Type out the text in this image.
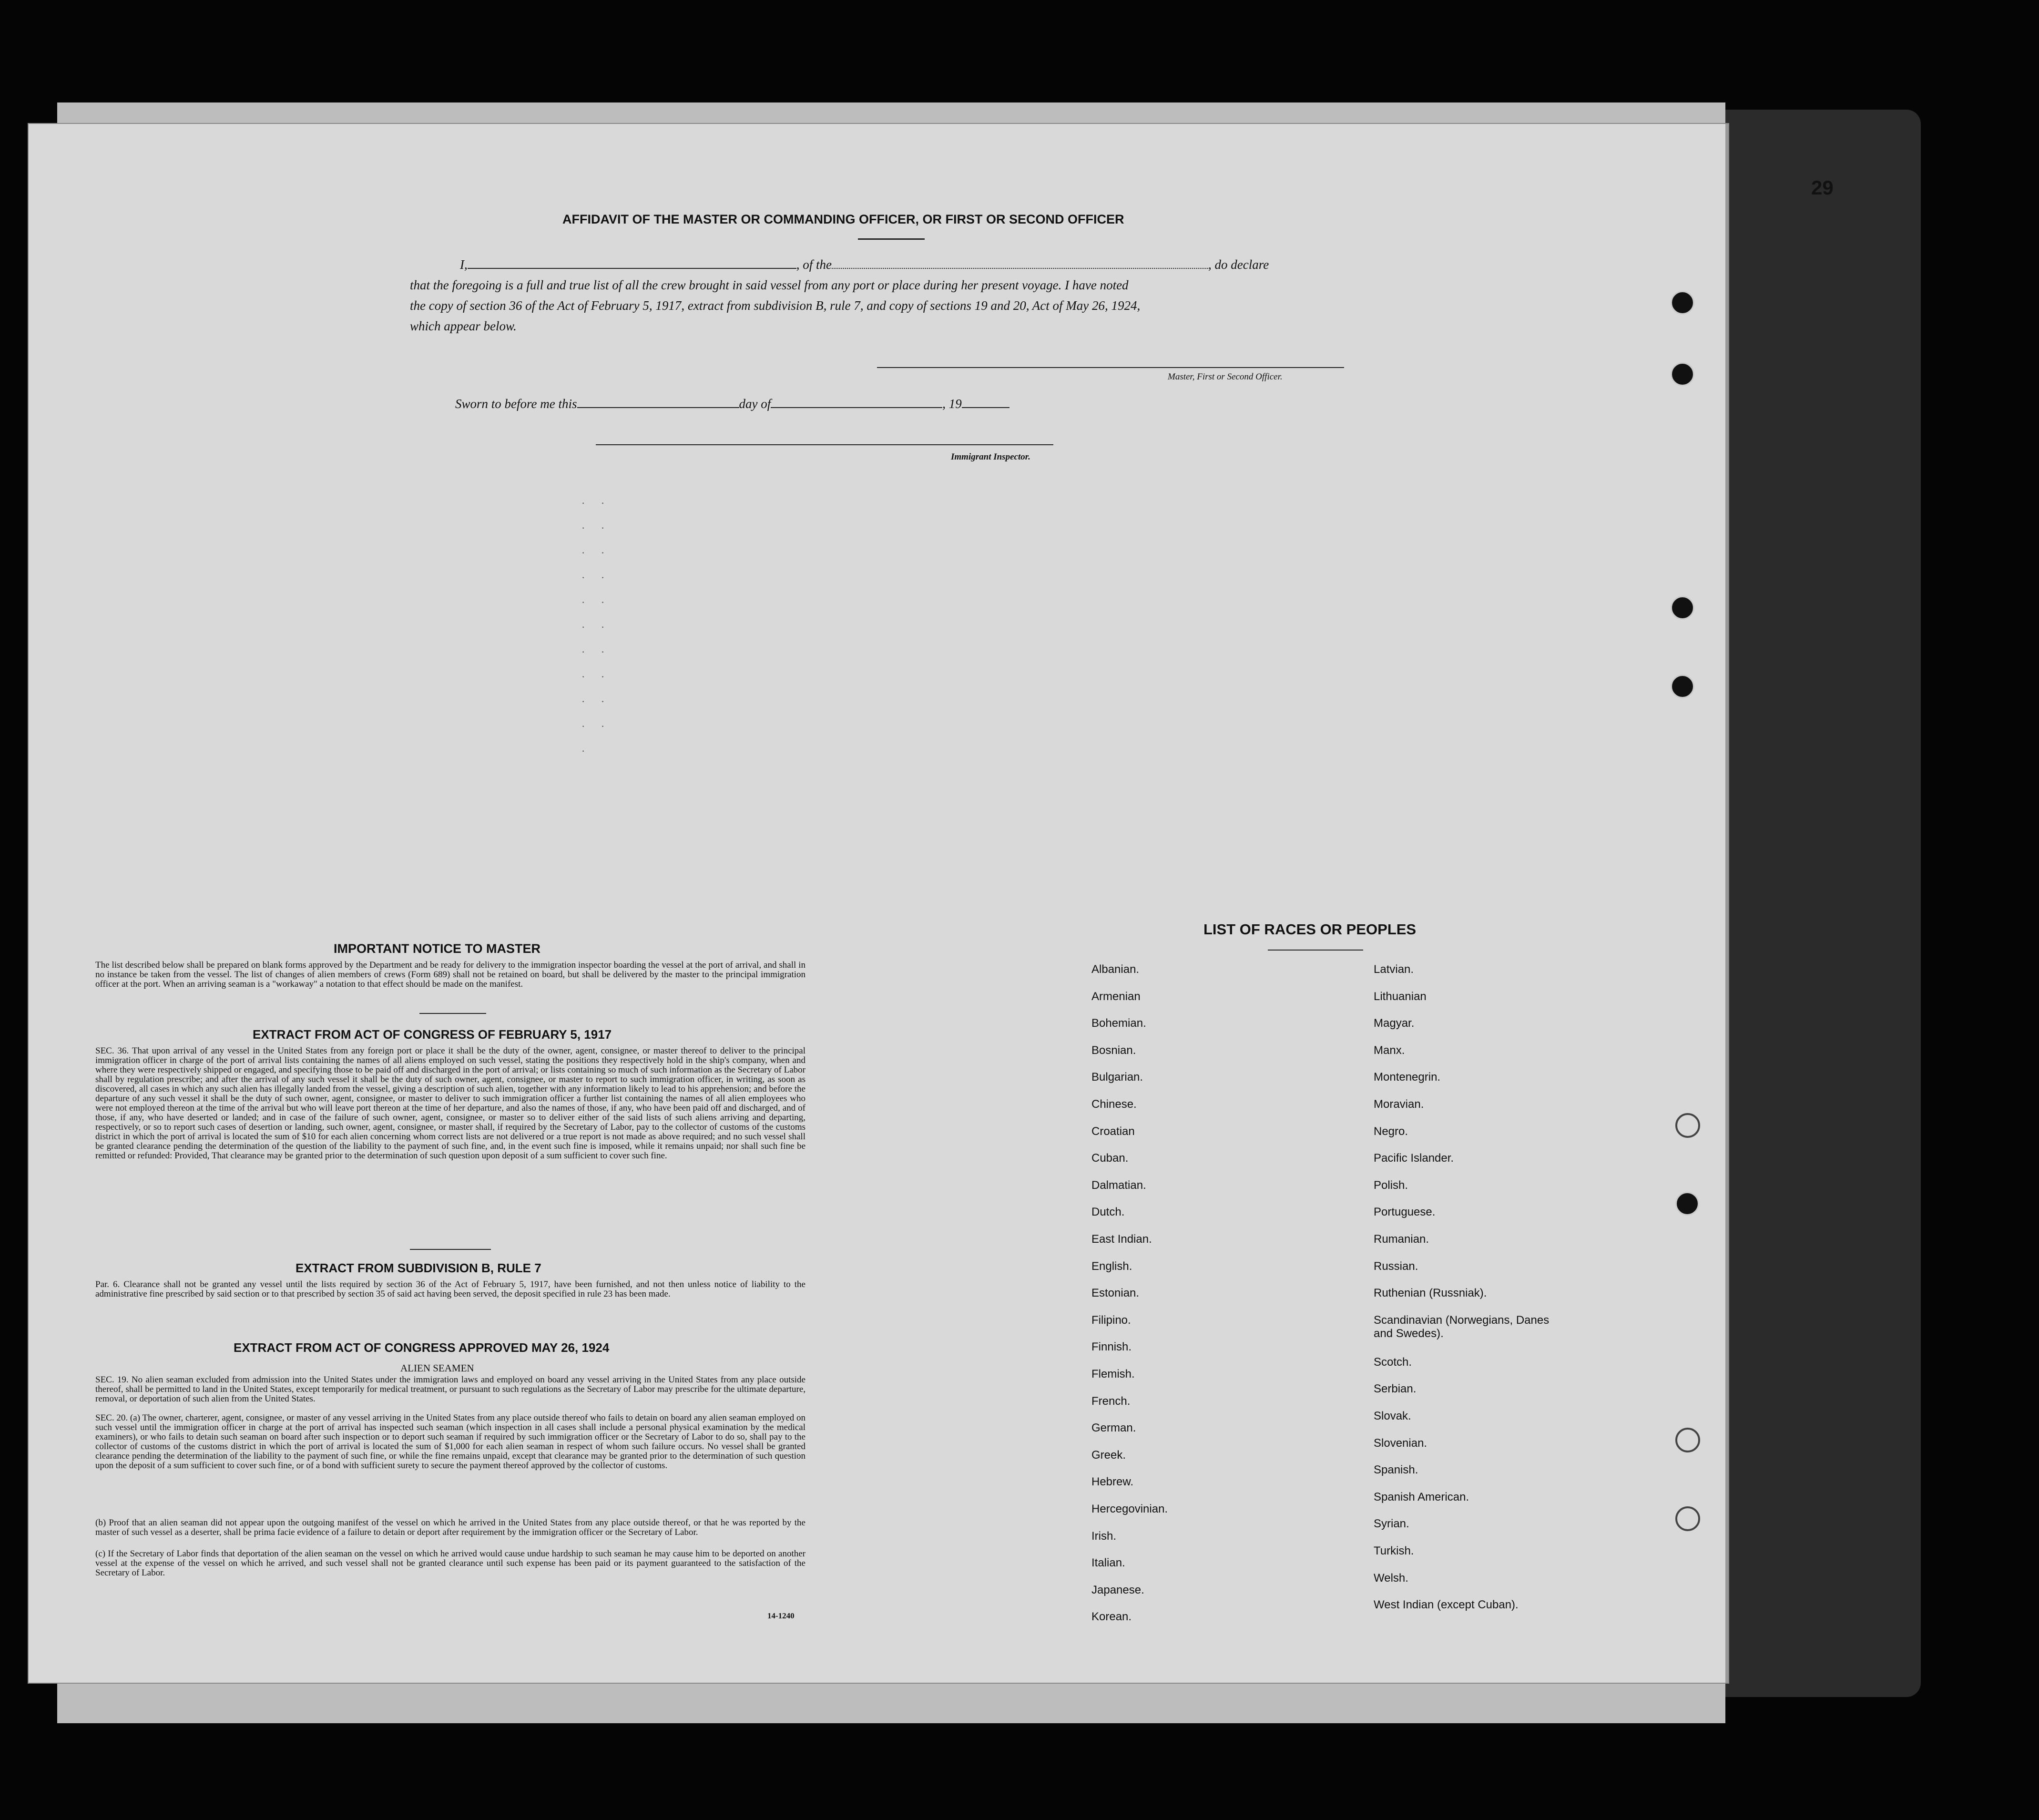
29
AFFIDAVIT OF THE MASTER OR COMMANDING OFFICER, OR FIRST OR SECOND OFFICER
I,	, of the	, do declare
that the foregoing is a full and true list of all the crew brought in said vessel from any port or place during her present voyage. I have noted
the copy of section 36 of the Act of February 5, 1917, extract from subdivision B, rule 7, and copy of sections 19 and 20, Act of May 26, 1924,
which appear below.
Master, First or Second Officer.
Sworn to before me this	day of	, 19
Immigrant Inspector.
· · · · · · · · · · · · · · · · · · · · ·
IMPORTANT NOTICE TO MASTER
The list described below shall be prepared on blank forms approved by the Department and be ready for delivery to the immigration inspector boarding the vessel at the port of arrival, and shall in no instance be taken from the vessel. The list of changes of alien members of crews (Form 689) shall not be retained on board, but shall be delivered by the master to the principal immigration officer at the port. When an arriving seaman is a "workaway" a notation to that effect should be made on the manifest.
EXTRACT FROM ACT OF CONGRESS OF FEBRUARY 5, 1917
SEC. 36. That upon arrival of any vessel in the United States from any foreign port or place it shall be the duty of the owner, agent, consignee, or master thereof to deliver to the principal immigration officer in charge of the port of arrival lists containing the names of all aliens employed on such vessel, stating the positions they respectively hold in the ship's company, when and where they were respectively shipped or engaged, and specifying those to be paid off and discharged in the port of arrival; or lists containing so much of such information as the Secretary of Labor shall by regulation prescribe; and after the arrival of any such vessel it shall be the duty of such owner, agent, consignee, or master to report to such immigration officer, in writing, as soon as discovered, all cases in which any such alien has illegally landed from the vessel, giving a description of such alien, together with any information likely to lead to his apprehension; and before the departure of any such vessel it shall be the duty of such owner, agent, consignee, or master to deliver to such immigration officer a further list containing the names of all alien employees who were not employed thereon at the time of the arrival but who will leave port thereon at the time of her departure, and also the names of those, if any, who have been paid off and discharged, and of those, if any, who have deserted or landed; and in case of the failure of such owner, agent, consignee, or master so to deliver either of the said lists of such aliens arriving and departing, respectively, or so to report such cases of desertion or landing, such owner, agent, consignee, or master shall, if required by the Secretary of Labor, pay to the collector of customs of the customs district in which the port of arrival is located the sum of $10 for each alien concerning whom correct lists are not delivered or a true report is not made as above required; and no such vessel shall be granted clearance pending the determination of the question of the liability to the payment of such fine, and, in the event such fine is imposed, while it remains unpaid; nor shall such fine be remitted or refunded: Provided, That clearance may be granted prior to the determination of such question upon deposit of a sum sufficient to cover such fine.
EXTRACT FROM SUBDIVISION B, RULE 7
Par. 6. Clearance shall not be granted any vessel until the lists required by section 36 of the Act of February 5, 1917, have been furnished, and not then unless notice of liability to the administrative fine prescribed by said section or to that prescribed by section 35 of said act having been served, the deposit specified in rule 23 has been made.
EXTRACT FROM ACT OF CONGRESS APPROVED MAY 26, 1924
ALIEN SEAMEN
SEC. 19. No alien seaman excluded from admission into the United States under the immigration laws and employed on board any vessel arriving in the United States from any place outside thereof, shall be permitted to land in the United States, except temporarily for medical treatment, or pursuant to such regulations as the Secretary of Labor may prescribe for the ultimate departure, removal, or deportation of such alien from the United States.
SEC. 20. (a) The owner, charterer, agent, consignee, or master of any vessel arriving in the United States from any place outside thereof who fails to detain on board any alien seaman employed on such vessel until the immigration officer in charge at the port of arrival has inspected such seaman (which inspection in all cases shall include a personal physical examination by the medical examiners), or who fails to detain such seaman on board after such inspection or to deport such seaman if required by such immigration officer or the Secretary of Labor to do so, shall pay to the collector of customs of the customs district in which the port of arrival is located the sum of $1,000 for each alien seaman in respect of whom such failure occurs. No vessel shall be granted clearance pending the determination of the liability to the payment of such fine, or while the fine remains unpaid, except that clearance may be granted prior to the determination of such question upon the deposit of a sum sufficient to cover such fine, or of a bond with sufficient surety to secure the payment thereof approved by the collector of customs.
(b) Proof that an alien seaman did not appear upon the outgoing manifest of the vessel on which he arrived in the United States from any place outside thereof, or that he was reported by the master of such vessel as a deserter, shall be prima facie evidence of a failure to detain or deport after requirement by the immigration officer or the Secretary of Labor.
(c) If the Secretary of Labor finds that deportation of the alien seaman on the vessel on which he arrived would cause undue hardship to such seaman he may cause him to be deported on another vessel at the expense of the vessel on which he arrived, and such vessel shall not be granted clearance until such expense has been paid or its payment guaranteed to the satisfaction of the Secretary of Labor.
14-1240
LIST OF RACES OR PEOPLES
Albanian.
Armenian
Bohemian.
Bosnian.
Bulgarian.
Chinese.
Croatian
Cuban.
Dalmatian.
Dutch.
East Indian.
English.
Estonian.
Filipino.
Finnish.
Flemish.
French.
German.
Greek.
Hebrew.
Hercegovinian.
Irish.
Italian.
Japanese.
Korean.
Latvian.
Lithuanian
Magyar.
Manx.
Montenegrin.
Moravian.
Negro.
Pacific Islander.
Polish.
Portuguese.
Rumanian.
Russian.
Ruthenian (Russniak).
Scandinavian (Norwegians, Danes and Swedes).
Scotch.
Serbian.
Slovak.
Slovenian.
Spanish.
Spanish American.
Syrian.
Turkish.
Welsh.
West Indian (except Cuban).
